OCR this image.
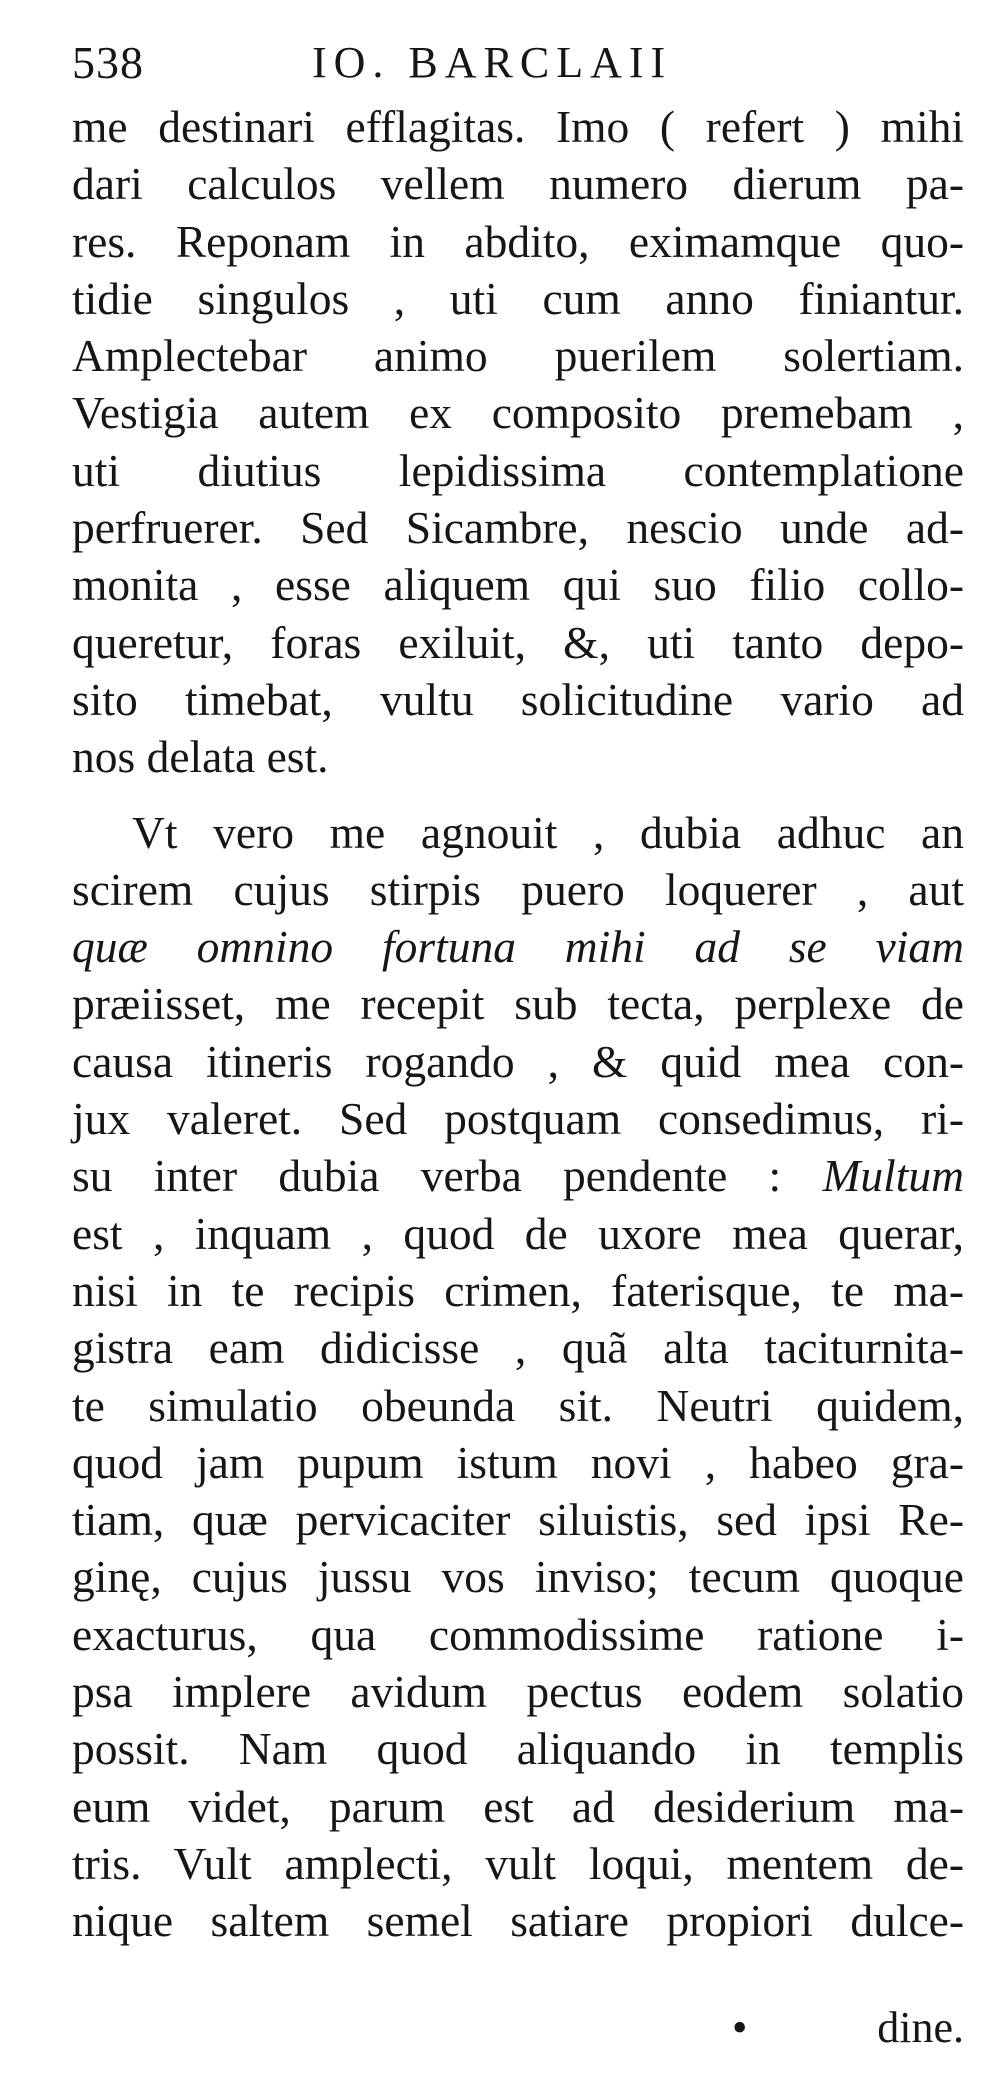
538	IO. BARCLAII
me destinari efflagitas. Imo ( refert ) mihi
dari calculos vellem numero dierum pa-
res. Reponam in abdito, eximamque quo-
tidie singulos , uti cum anno finiantur.
Amplectebar animo puerilem solertiam.
Vestigia autem ex composito premebam ,
uti diutius lepidissima contemplatione
perfruerer. Sed Sicambre, nescio unde ad-
monita , esse aliquem qui suo filio collo-
queretur, foras exiluit, &, uti tanto depo-
sito timebat, vultu solicitudine vario ad
nos delata est.
Vt vero me agnouit , dubia adhuc an
scirem cujus stirpis puero loquerer , aut
quæ omnino fortuna mihi ad se viam
præiisset, me recepit sub tecta, perplexe de
causa itineris rogando , & quid mea con-
jux valeret. Sed postquam consedimus, ri-
su inter dubia verba pendente : Multum
est , inquam , quod de uxore mea querar,
nisi in te recipis crimen, faterisque, te ma-
gistra eam didicisse , quã alta taciturnita-
te simulatio obeunda sit. Neutri quidem,
quod jam pupum istum novi , habeo gra-
tiam, quæ pervicaciter siluistis, sed ipsi Re-
ginę, cujus jussu vos inviso; tecum quoque
exacturus, qua commodissime ratione i-
psa implere avidum pectus eodem solatio
possit. Nam quod aliquando in templis
eum videt, parum est ad desiderium ma-
tris. Vult amplecti, vult loqui, mentem de-
nique saltem semel satiare propiori dulce-
•	dine.
